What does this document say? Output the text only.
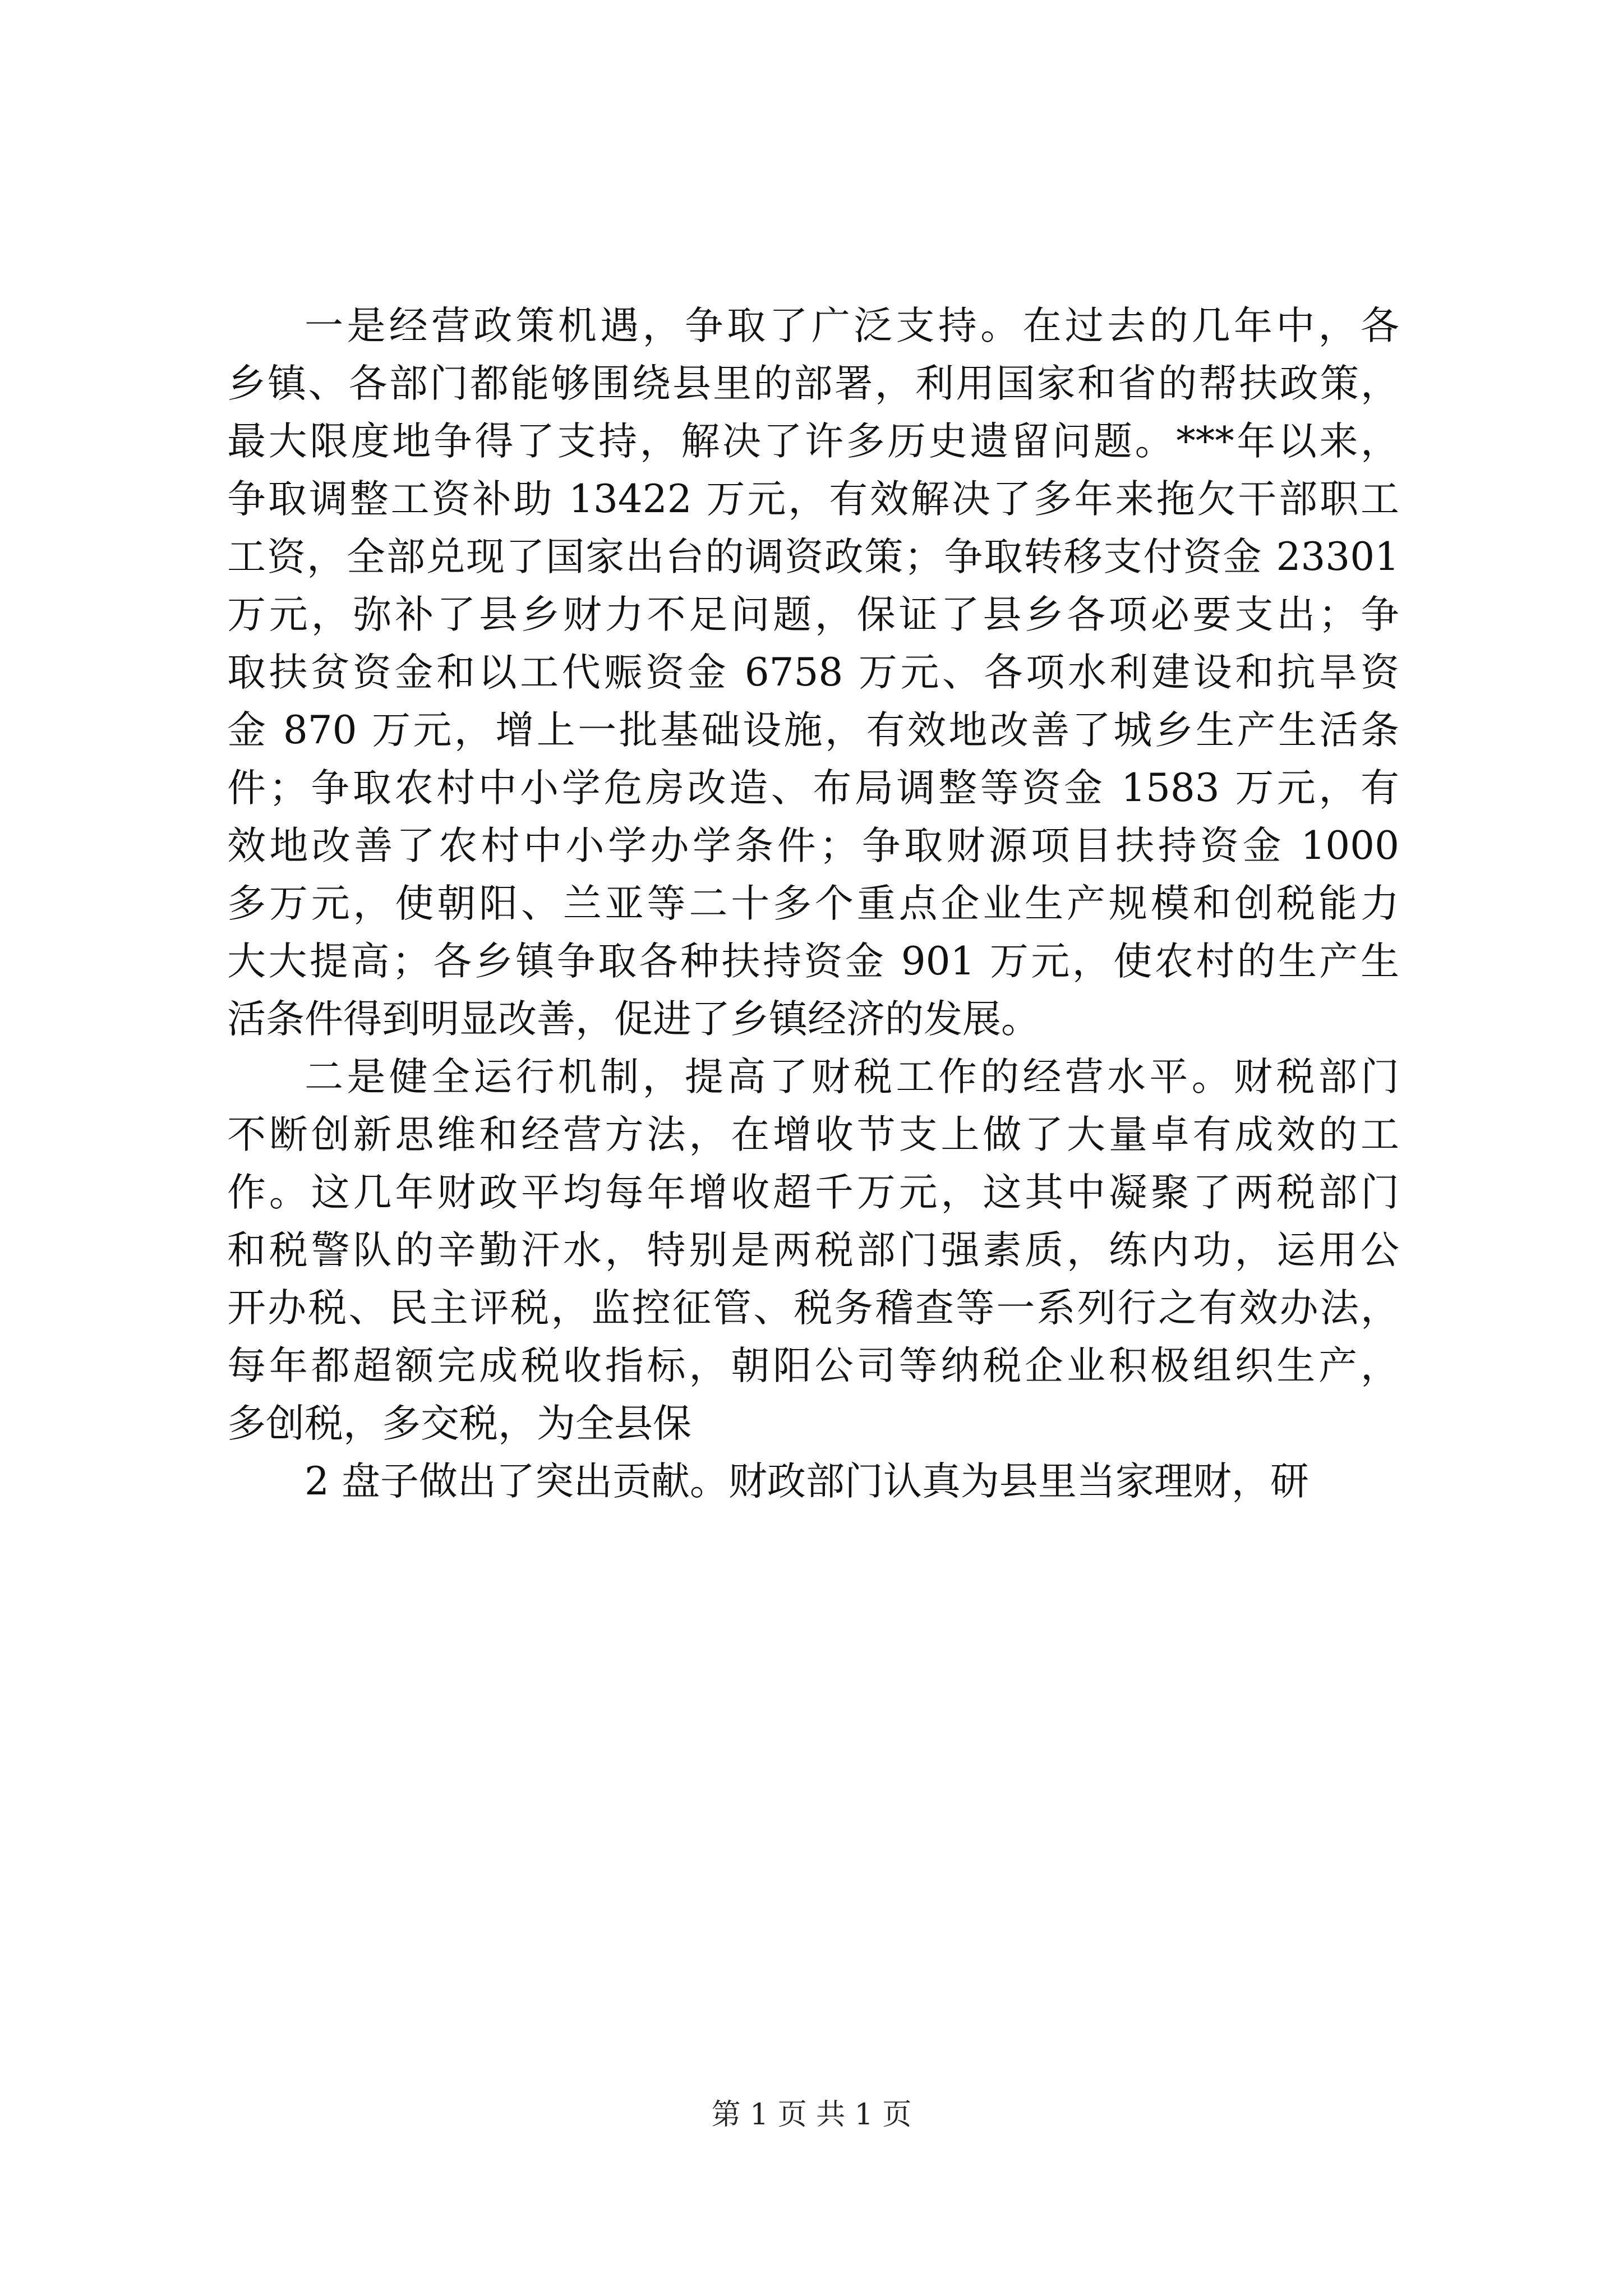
一是经营政策机遇，争取了广泛支持。在过去的几年中，各
乡镇、各部门都能够围绕县里的部署，利用国家和省的帮扶政策，
最大限度地争得了支持，解决了许多历史遗留问题。***年以来，
争取调整工资补助 13422 万元，有效解决了多年来拖欠干部职工
工资，全部兑现了国家出台的调资政策；争取转移支付资金 23301
万元，弥补了县乡财力不足问题，保证了县乡各项必要支出；争
取扶贫资金和以工代赈资金 6758 万元、各项水利建设和抗旱资
金 870 万元，增上一批基础设施，有效地改善了城乡生产生活条
件；争取农村中小学危房改造、布局调整等资金 1583 万元，有
效地改善了农村中小学办学条件；争取财源项目扶持资金 1000
多万元，使朝阳、兰亚等二十多个重点企业生产规模和创税能力
大大提高；各乡镇争取各种扶持资金 901 万元，使农村的生产生
活条件得到明显改善，促进了乡镇经济的发展。
二是健全运行机制，提高了财税工作的经营水平。财税部门
不断创新思维和经营方法，在增收节支上做了大量卓有成效的工
作。这几年财政平均每年增收超千万元，这其中凝聚了两税部门
和税警队的辛勤汗水，特别是两税部门强素质，练内功，运用公
开办税、民主评税，监控征管、税务稽查等一系列行之有效办法，
每年都超额完成税收指标，朝阳公司等纳税企业积极组织生产，
多创税，多交税，为全县保
2 盘子做出了突出贡献。财政部门认真为县里当家理财，研
第 1 页 共 1 页
